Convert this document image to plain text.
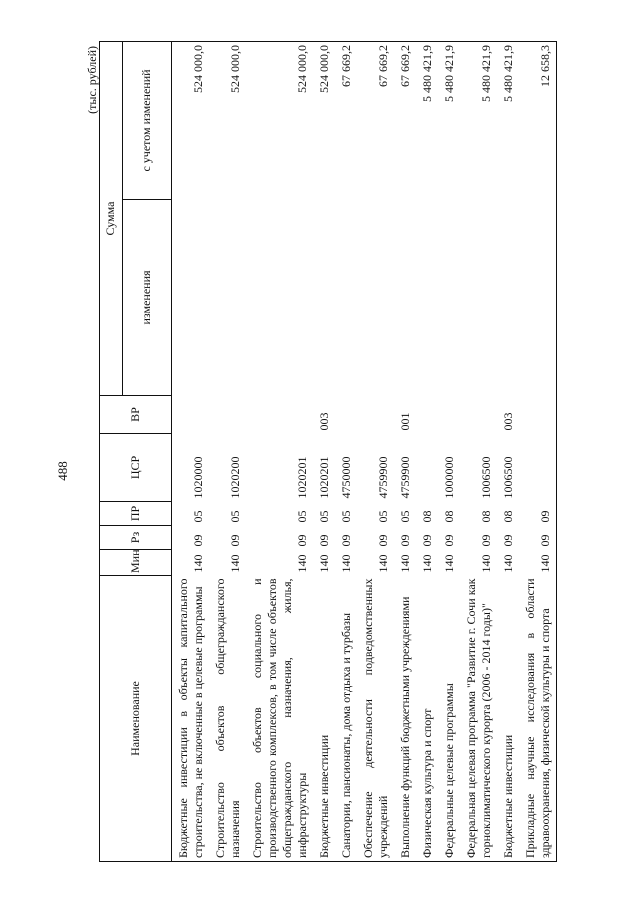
488
(тыс. рублей)
Наименование	Мин	Рз	ПР	ЦСР	ВР	Сумма	
						изменения	с учетом изменений
Бюджетные инвестиции в объекты капитального строительства, не включенные в целевые программы	140	09	05	1020000			524 000,0
Строительство объектов общегражданского назначения	140	09	05	1020200			524 000,0
Строительство объектов социального и производственного комплексов, в том числе объектов общегражданского назначения, жилья, инфраструктуры	140	09	05	1020201			524 000,0
Бюджетные инвестиции	140	09	05	1020201	003		524 000,0
Санатории, пансионаты, дома отдыха и турбазы	140	09	05	4750000			67 669,2
Обеспечение деятельности подведомственных учреждений	140	09	05	4759900			67 669,2
Выполнение функций бюджетными учреждениями	140	09	05	4759900	001		67 669,2
Физическая культура и спорт	140	09	08				5 480 421,9
Федеральные целевые программы	140	09	08	1000000			5 480 421,9
Федеральная целевая программа "Развитие г. Сочи как горноклиматического курорта (2006 - 2014 годы)"	140	09	08	1006500			5 480 421,9
Бюджетные инвестиции	140	09	08	1006500	003		5 480 421,9
Прикладные научные исследования в области здравоохранения, физической культуры и спорта	140	09	09				12 658,3
